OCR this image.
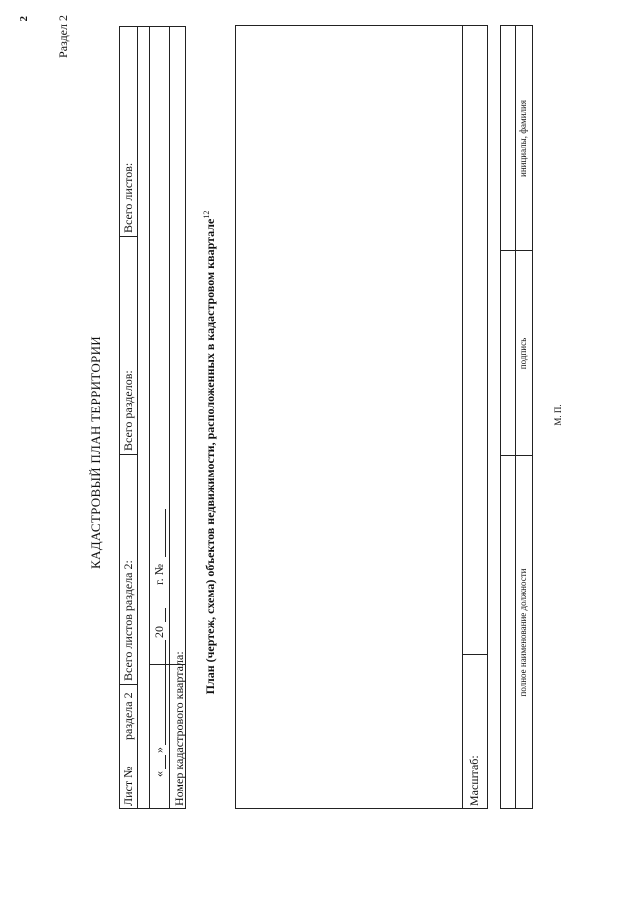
2 Раздел 2
КАДАСТРОВЫЙ ПЛАН ТЕРРИТОРИИ
Лист №
раздела 2
Всего листов раздела 2:
Всего разделов:
Всего листов:
«
»
20
г. №
Номер кадастрового квартала:
План (чертеж, схема) объектов недвижимости, расположенных в кадастровом квартале$^{12}$
Масштаб:
полное наименование должности
подпись
инициалы, фамилия
М. П.
